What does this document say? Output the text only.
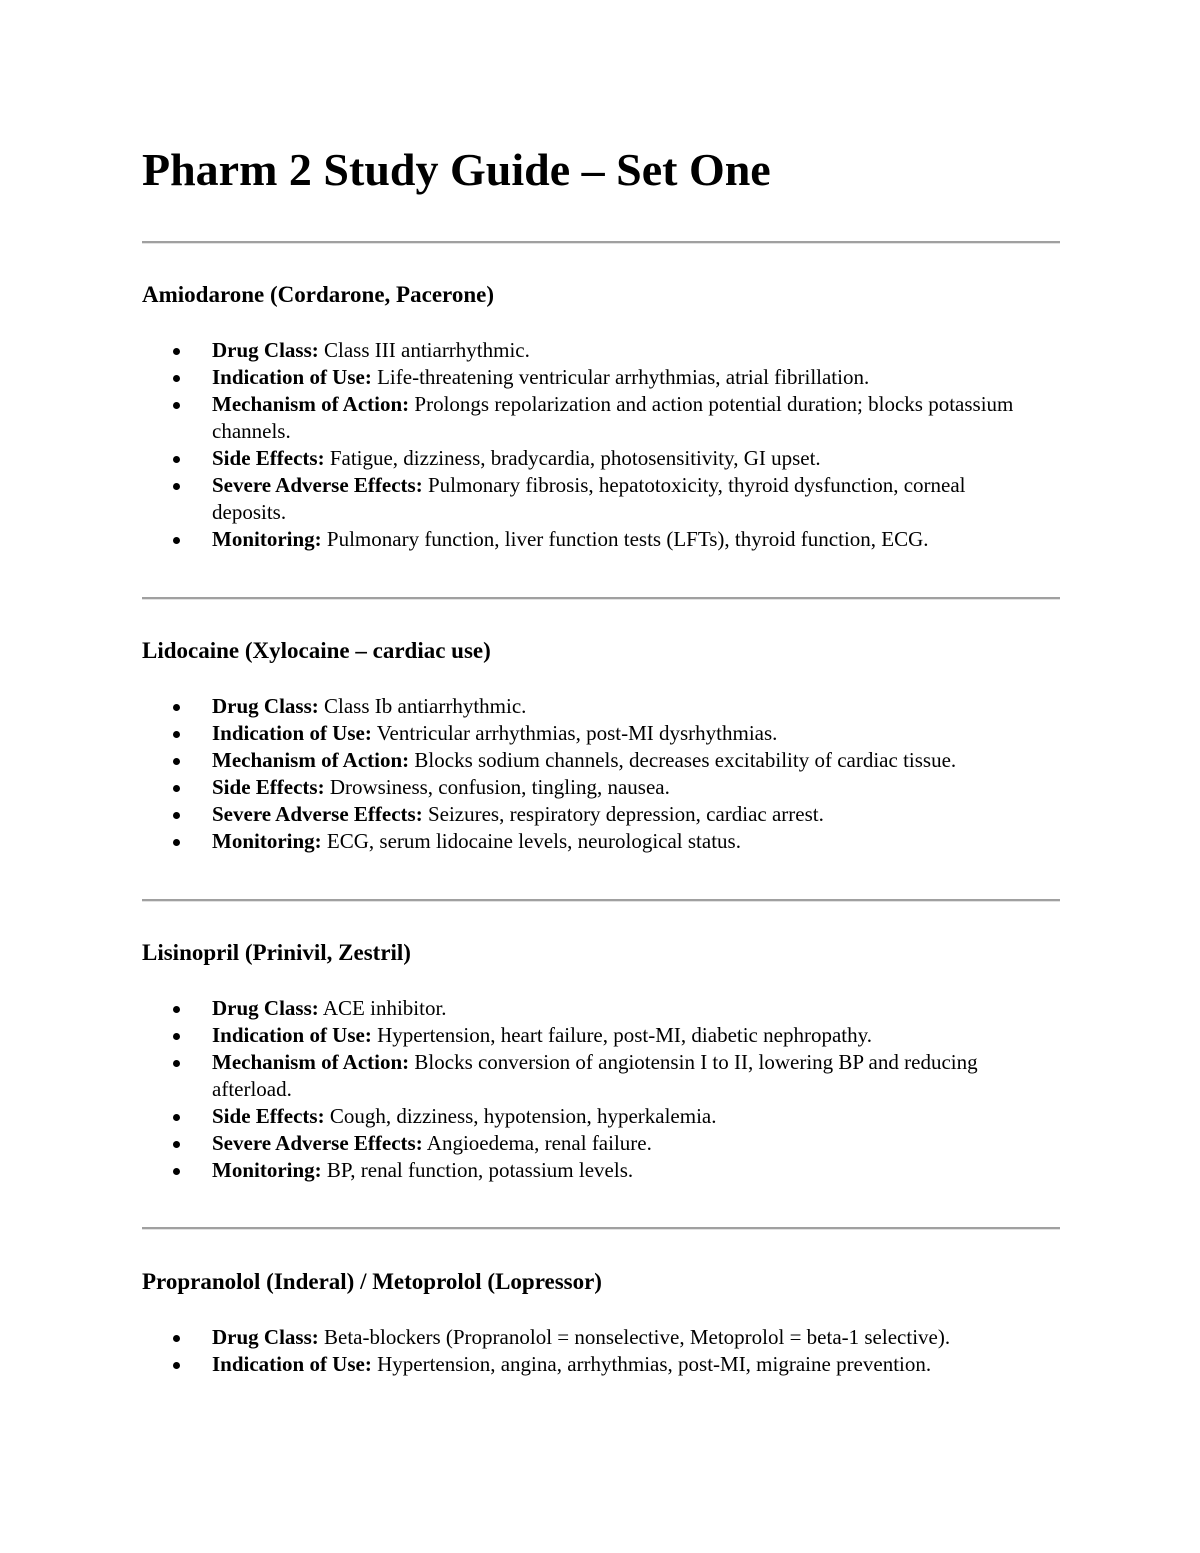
Pharm 2 Study Guide – Set One
Amiodarone (Cordarone, Pacerone)
Drug Class: Class III antiarrhythmic.
Indication of Use: Life-threatening ventricular arrhythmias, atrial fibrillation.
Mechanism of Action: Prolongs repolarization and action potential duration; blocks potassium channels.
Side Effects: Fatigue, dizziness, bradycardia, photosensitivity, GI upset.
Severe Adverse Effects: Pulmonary fibrosis, hepatotoxicity, thyroid dysfunction, corneal deposits.
Monitoring: Pulmonary function, liver function tests (LFTs), thyroid function, ECG.
Lidocaine (Xylocaine – cardiac use)
Drug Class: Class Ib antiarrhythmic.
Indication of Use: Ventricular arrhythmias, post-MI dysrhythmias.
Mechanism of Action: Blocks sodium channels, decreases excitability of cardiac tissue.
Side Effects: Drowsiness, confusion, tingling, nausea.
Severe Adverse Effects: Seizures, respiratory depression, cardiac arrest.
Monitoring: ECG, serum lidocaine levels, neurological status.
Lisinopril (Prinivil, Zestril)
Drug Class: ACE inhibitor.
Indication of Use: Hypertension, heart failure, post-MI, diabetic nephropathy.
Mechanism of Action: Blocks conversion of angiotensin I to II, lowering BP and reducing afterload.
Side Effects: Cough, dizziness, hypotension, hyperkalemia.
Severe Adverse Effects: Angioedema, renal failure.
Monitoring: BP, renal function, potassium levels.
Propranolol (Inderal) / Metoprolol (Lopressor)
Drug Class: Beta-blockers (Propranolol = nonselective, Metoprolol = beta-1 selective).
Indication of Use: Hypertension, angina, arrhythmias, post-MI, migraine prevention.
